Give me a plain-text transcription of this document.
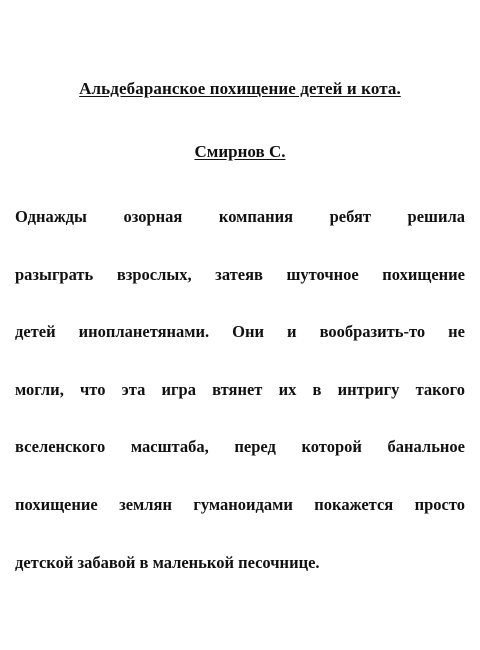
Альдебаранское похищение детей и кота.
Смирнов С.
Однажды озорная компания ребят решила
разыграть взрослых, затеяв шуточное похищение
детей инопланетянами. Они и вообразить-то не
могли, что эта игра втянет их в интригу такого
вселенского масштаба, перед которой банальное
похищение землян гуманоидами покажется просто
детской забавой в маленькой песочнице.
